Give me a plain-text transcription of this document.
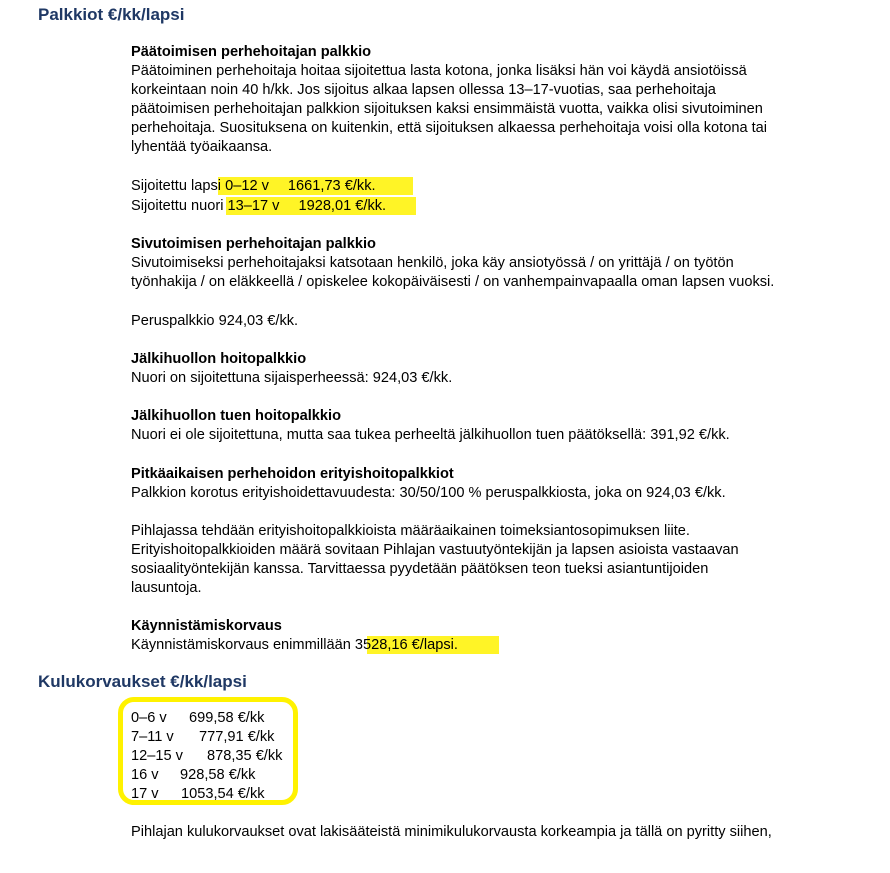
Palkkiot €/kk/lapsi
Päätoimisen perhehoitajan palkkio
Päätoiminen perhehoitaja hoitaa sijoitettua lasta kotona, jonka lisäksi hän voi käydä ansiotöissä
korkeintaan noin 40 h/kk. Jos sijoitus alkaa lapsen ollessa 13–17-vuotias, saa perhehoitaja
päätoimisen perhehoitajan palkkion sijoituksen kaksi ensimmäistä vuotta, vaikka olisi sivutoiminen
perhehoitaja. Suosituksena on kuitenkin, että sijoituksen alkaessa perhehoitaja voisi olla kotona tai
lyhentää työaikaansa.
Sijoitettu lapsi 0–12 v 1661,73 €/kk.
Sijoitettu nuori 13–17 v 1928,01 €/kk.
Sivutoimisen perhehoitajan palkkio
Sivutoimiseksi perhehoitajaksi katsotaan henkilö, joka käy ansiotyössä / on yrittäjä / on työtön
työnhakija / on eläkkeellä / opiskelee kokopäiväisesti / on vanhempainvapaalla oman lapsen vuoksi.
Peruspalkkio 924,03 €/kk.
Jälkihuollon hoitopalkkio
Nuori on sijoitettuna sijaisperheessä: 924,03 €/kk.
Jälkihuollon tuen hoitopalkkio
Nuori ei ole sijoitettuna, mutta saa tukea perheeltä jälkihuollon tuen päätöksellä: 391,92 €/kk.
Pitkäaikaisen perhehoidon erityishoitopalkkiot
Palkkion korotus erityishoidettavuudesta: 30/50/100 % peruspalkkiosta, joka on 924,03 €/kk.
Pihlajassa tehdään erityishoitopalkkioista määräaikainen toimeksiantosopimuksen liite.
Erityishoitopalkkioiden määrä sovitaan Pihlajan vastuutyöntekijän ja lapsen asioista vastaavan
sosiaalityöntekijän kanssa. Tarvittaessa pyydetään päätöksen teon tueksi asiantuntijoiden
lausuntoja.
Käynnistämiskorvaus
Käynnistämiskorvaus enimmillään 3528,16 €/lapsi.
Kulukorvaukset €/kk/lapsi
0–6 v 699,58 €/kk
7–11 v 777,91 €/kk
12–15 v 878,35 €/kk
16 v 928,58 €/kk
17 v 1053,54 €/kk
Pihlajan kulukorvaukset ovat lakisääteistä minimikulukorvausta korkeampia ja tällä on pyritty siihen,
